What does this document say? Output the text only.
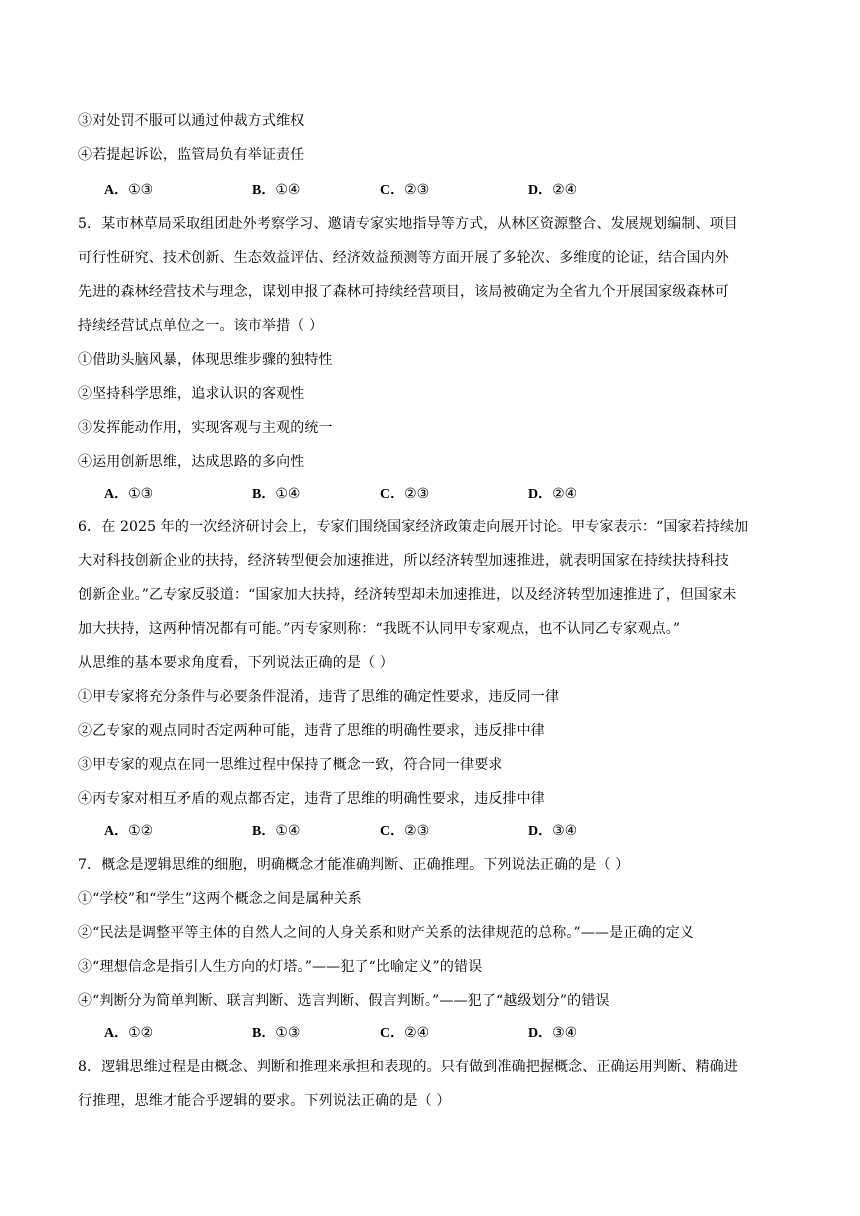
③对处罚不服可以通过仲裁方式维权
④若提起诉讼，监管局负有举证责任
A．①③	B．①④	C．②③	D．②④
5．某市林草局采取组团赴外考察学习、邀请专家实地指导等方式，从林区资源整合、发展规划编制、项目
可行性研究、技术创新、生态效益评估、经济效益预测等方面开展了多轮次、多维度的论证，结合国内外
先进的森林经营技术与理念，谋划申报了森林可持续经营项目，该局被确定为全省九个开展国家级森林可
持续经营试点单位之一。该市举措（ ）
①借助头脑风暴，体现思维步骤的独特性
②坚持科学思维，追求认识的客观性
③发挥能动作用，实现客观与主观的统一
④运用创新思维，达成思路的多向性
A．①③	B．①④	C．②③	D．②④
6．在 2025 年的一次经济研讨会上，专家们围绕国家经济政策走向展开讨论。甲专家表示：“国家若持续加
大对科技创新企业的扶持，经济转型便会加速推进，所以经济转型加速推进，就表明国家在持续扶持科技
创新企业。”乙专家反驳道：“国家加大扶持，经济转型却未加速推进，以及经济转型加速推进了，但国家未
加大扶持，这两种情况都有可能。”丙专家则称：“我既不认同甲专家观点，也不认同乙专家观点。”
从思维的基本要求角度看，下列说法正确的是（ ）
①甲专家将充分条件与必要条件混淆，违背了思维的确定性要求，违反同一律
②乙专家的观点同时否定两种可能，违背了思维的明确性要求，违反排中律
③甲专家的观点在同一思维过程中保持了概念一致，符合同一律要求
④丙专家对相互矛盾的观点都否定，违背了思维的明确性要求，违反排中律
A．①②	B．①④	C．②③	D．③④
7．概念是逻辑思维的细胞，明确概念才能准确判断、正确推理。下列说法正确的是（ ）
①“学校”和“学生”这两个概念之间是属种关系
②“民法是调整平等主体的自然人之间的人身关系和财产关系的法律规范的总称。”——是正确的定义
③“理想信念是指引人生方向的灯塔。”——犯了“比喻定义”的错误
④“判断分为简单判断、联言判断、选言判断、假言判断。”——犯了“越级划分”的错误
A．①②	B．①③	C．②④	D．③④
8．逻辑思维过程是由概念、判断和推理来承担和表现的。只有做到准确把握概念、正确运用判断、精确进
行推理，思维才能合乎逻辑的要求。下列说法正确的是（ ）
